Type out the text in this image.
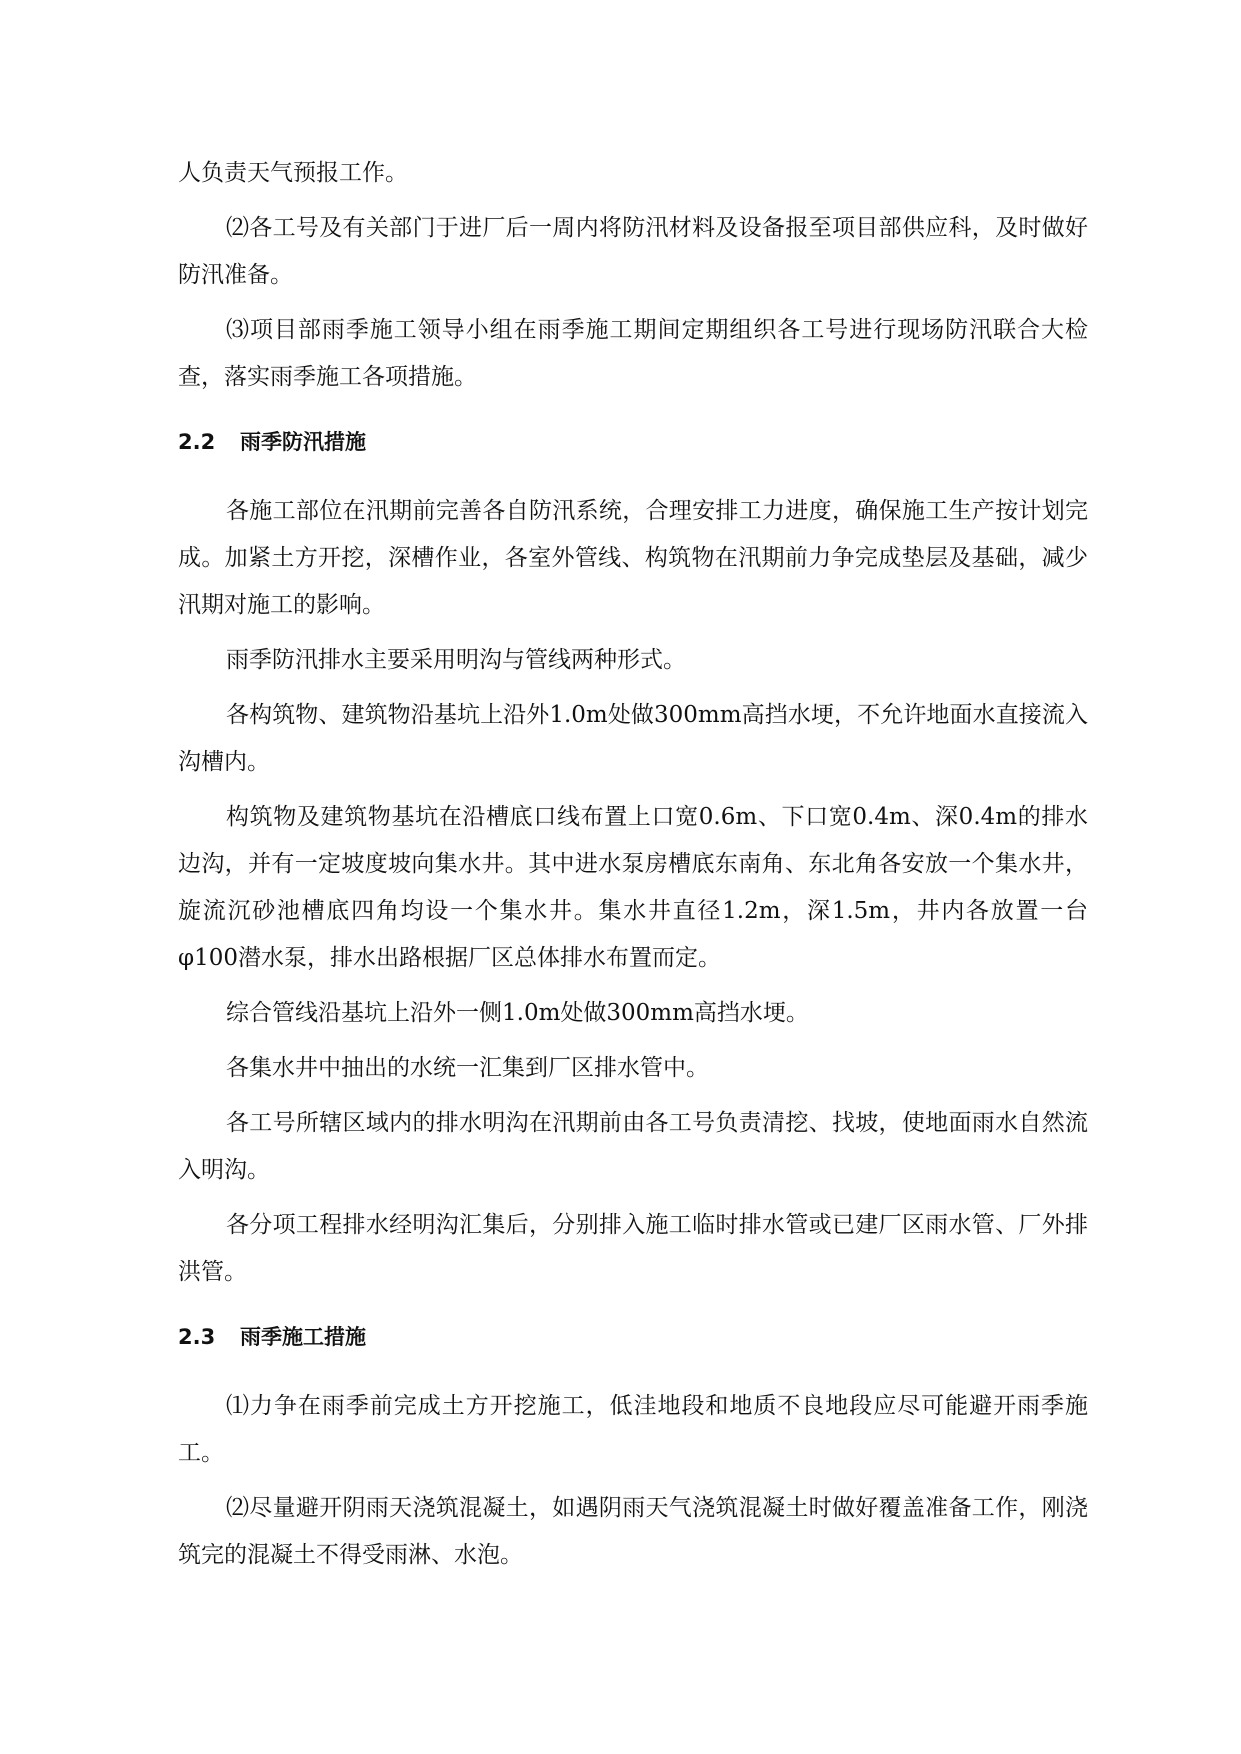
人负责天气预报工作。

⑵各工号及有关部门于进厂后一周内将防汛材料及设备报至项目部供应科，及时做好防汛准备。

⑶项目部雨季施工领导小组在雨季施工期间定期组织各工号进行现场防汛联合大检查，落实雨季施工各项措施。

2.2	雨季防汛措施

各施工部位在汛期前完善各自防汛系统，合理安排工力进度，确保施工生产按计划完成。加紧土方开挖，深槽作业，各室外管线、构筑物在汛期前力争完成垫层及基础，减少汛期对施工的影响。

雨季防汛排水主要采用明沟与管线两种形式。

各构筑物、建筑物沿基坑上沿外1.0m处做300mm高挡水埂，不允许地面水直接流入沟槽内。

构筑物及建筑物基坑在沿槽底口线布置上口宽0.6m、下口宽0.4m、深0.4m的排水边沟，并有一定坡度坡向集水井。其中进水泵房槽底东南角、东北角各安放一个集水井，旋流沉砂池槽底四角均设一个集水井。集水井直径1.2m，深1.5m，井内各放置一台φ100潜水泵，排水出路根据厂区总体排水布置而定。

综合管线沿基坑上沿外一侧1.0m处做300mm高挡水埂。

各集水井中抽出的水统一汇集到厂区排水管中。

各工号所辖区域内的排水明沟在汛期前由各工号负责清挖、找坡，使地面雨水自然流入明沟。

各分项工程排水经明沟汇集后，分别排入施工临时排水管或已建厂区雨水管、厂外排洪管。

2.3	雨季施工措施

⑴力争在雨季前完成土方开挖施工，低洼地段和地质不良地段应尽可能避开雨季施工。

⑵尽量避开阴雨天浇筑混凝土，如遇阴雨天气浇筑混凝土时做好覆盖准备工作，刚浇筑完的混凝土不得受雨淋、水泡。
